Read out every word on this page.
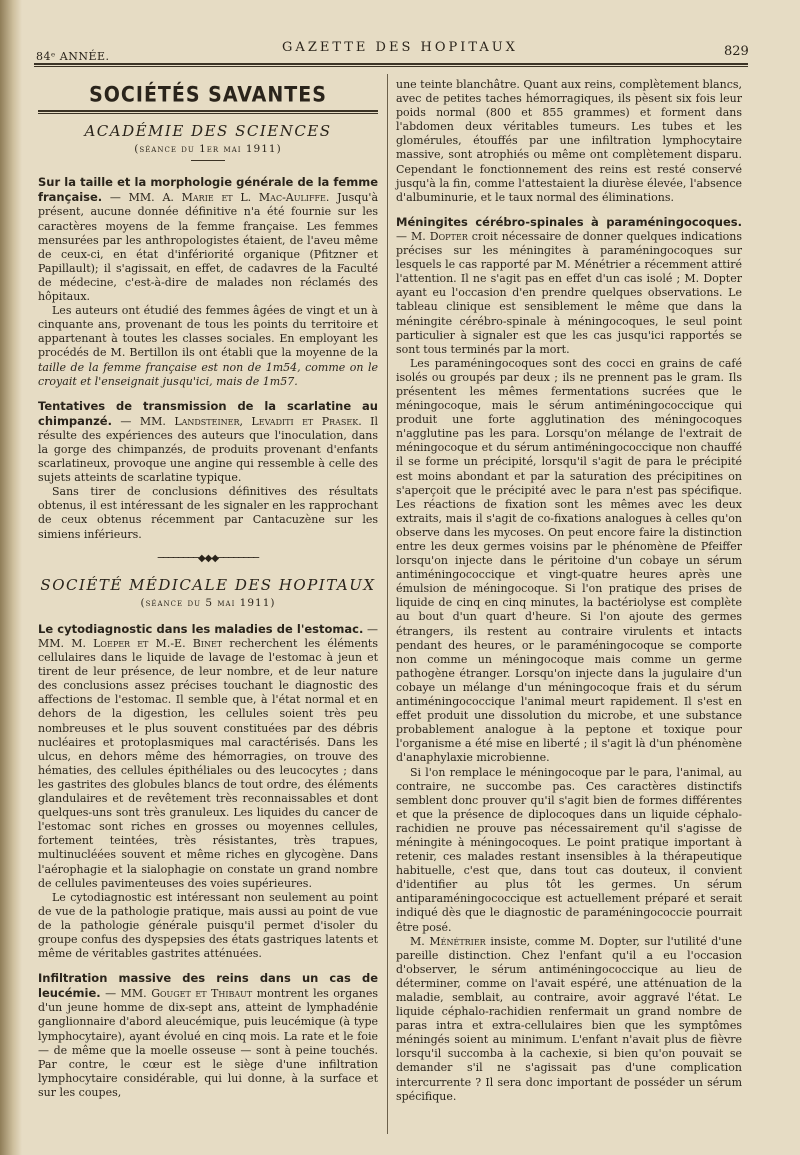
84ᵉ ANNÉE.
GAZETTE DES HOPITAUX	829
SOCIÉTÉS SAVANTES
ACADÉMIE DES SCIENCES
(séance du 1er mai 1911)

Sur la taille et la morphologie générale de la femme française. — MM. A. Marie et L. Mac-Auliffe. Jusqu'à présent, aucune donnée définitive n'a été fournie sur les caractères moyens de la femme française. Les femmes mensurées par les anthropologistes étaient, de l'aveu même de ceux-ci, en état d'infériorité organique (Pfitzner et Papillault); il s'agissait, en effet, de cadavres de la Faculté de médecine, c'est-à-dire de malades non réclamés des hôpitaux.

Les auteurs ont étudié des femmes âgées de vingt et un à cinquante ans, provenant de tous les points du territoire et appartenant à toutes les classes sociales. En employant les procédés de M. Bertillon ils ont établi que la moyenne de la taille de la femme française est non de 1m54, comme on le croyait et l'enseignait jusqu'ici, mais de 1m57.

Tentatives de transmission de la scarlatine au chimpanzé. — MM. Landsteiner, Levaditi et Prasek. Il résulte des expériences des auteurs que l'inoculation, dans la gorge des chimpanzés, de produits provenant d'enfants scarlatineux, provoque une angine qui ressemble à celle des sujets atteints de scarlatine typique.

Sans tirer de conclusions définitives des résultats obtenus, il est intéressant de les signaler en les rapprochant de ceux obtenus récemment par Cantacuzène sur les simiens inférieurs.

────────◆◆◆────────
SOCIÉTÉ MÉDICALE DES HOPITAUX
(séance du 5 mai 1911)

Le cytodiagnostic dans les maladies de l'estomac. — MM. M. Loeper et M.-E. Binet recherchent les éléments cellulaires dans le liquide de lavage de l'estomac à jeun et tirent de leur présence, de leur nombre, et de leur nature des conclusions assez précises touchant le diagnostic des affections de l'estomac. Il semble que, à l'état normal et en dehors de la digestion, les cellules soient très peu nombreuses et le plus souvent constituées par des débris nucléaires et protoplasmiques mal caractérisés. Dans les ulcus, en dehors même des hémorragies, on trouve des hématies, des cellules épithéliales ou des leucocytes ; dans les gastrites des globules blancs de tout ordre, des éléments glandulaires et de revêtement très reconnaissables et dont quelques-uns sont très granuleux. Les liquides du cancer de l'estomac sont riches en grosses ou moyennes cellules, fortement teintées, très résistantes, très trapues, multinucléées souvent et même riches en glycogène. Dans l'aérophagie et la sialophagie on constate un grand nombre de cellules pavimenteuses des voies supérieures.

Le cytodiagnostic est intéressant non seulement au point de vue de la pathologie pratique, mais aussi au point de vue de la pathologie générale puisqu'il permet d'isoler du groupe confus des dyspepsies des états gastriques latents et même de véritables gastrites atténuées.

Infiltration massive des reins dans un cas de leucémie. — MM. Gouget et Thibaut montrent les organes d'un jeune homme de dix-sept ans, atteint de lymphadénie ganglionnaire d'abord aleucémique, puis leucémique (à type lymphocytaire), ayant évolué en cinq mois. La rate et le foie — de même que la moelle osseuse — sont à peine touchés. Par contre, le cœur est le siège d'une infiltration lymphocytaire considérable, qui lui donne, à la surface et sur les coupes,

une teinte blanchâtre. Quant aux reins, complètement blancs, avec de petites taches hémorragiques, ils pèsent six fois leur poids normal (800 et 855 grammes) et forment dans l'abdomen deux véritables tumeurs. Les tubes et les glomérules, étouffés par une infiltration lymphocytaire massive, sont atrophiés ou même ont complètement disparu. Cependant le fonctionnement des reins est resté conservé jusqu'à la fin, comme l'attestaient la diurèse élevée, l'absence d'albuminurie, et le taux normal des éliminations.

Méningites cérébro-spinales à paraméningocoques. — M. Dopter croit nécessaire de donner quelques indications précises sur les méningites à paraméningocoques sur lesquels le cas rapporté par M. Ménétrier a récemment attiré l'attention. Il ne s'agit pas en effet d'un cas isolé ; M. Dopter ayant eu l'occasion d'en prendre quelques observations. Le tableau clinique est sensiblement le même que dans la méningite cérébro-spinale à méningocoques, le seul point particulier à signaler est que les cas jusqu'ici rapportés se sont tous terminés par la mort.

Les paraméningocoques sont des cocci en grains de café isolés ou groupés par deux ; ils ne prennent pas le gram. Ils présentent les mêmes fermentations sucrées que le méningocoque, mais le sérum antiméningococcique qui produit une forte agglutination des méningocoques n'agglutine pas les para. Lorsqu'on mélange de l'extrait de méningocoque et du sérum antiméningococcique non chauffé il se forme un précipité, lorsqu'il s'agit de para le précipité est moins abondant et par la saturation des précipitines on s'aperçoit que le précipité avec le para n'est pas spécifique. Les réactions de fixation sont les mêmes avec les deux extraits, mais il s'agit de co-fixations analogues à celles qu'on observe dans les mycoses. On peut encore faire la distinction entre les deux germes voisins par le phénomène de Pfeiffer lorsqu'on injecte dans le péritoine d'un cobaye un sérum antiméningococcique et vingt-quatre heures après une émulsion de méningocoque. Si l'on pratique des prises de liquide de cinq en cinq minutes, la bactériolyse est complète au bout d'un quart d'heure. Si l'on ajoute des germes étrangers, ils restent au contraire virulents et intacts pendant des heures, or le paraméningocoque se comporte non comme un méningocoque mais comme un germe pathogène étranger. Lorsqu'on injecte dans la jugulaire d'un cobaye un mélange d'un méningocoque frais et du sérum antiméningococcique l'animal meurt rapidement. Il s'est en effet produit une dissolution du microbe, et une substance probablement analogue à la peptone et toxique pour l'organisme a été mise en liberté ; il s'agit là d'un phénomène d'anaphylaxie microbienne.

Si l'on remplace le méningocoque par le para, l'animal, au contraire, ne succombe pas. Ces caractères distinctifs semblent donc prouver qu'il s'agit bien de formes différentes et que la présence de diplocoques dans un liquide céphalo-rachidien ne prouve pas nécessairement qu'il s'agisse de méningite à méningocoques. Le point pratique important à retenir, ces malades restant insensibles à la thérapeutique habituelle, c'est que, dans tout cas douteux, il convient d'identifier au plus tôt les germes. Un sérum antiparaméningococcique est actuellement préparé et serait indiqué dès que le diagnostic de paraméningococcie pourrait être posé.

M. Ménétrier insiste, comme M. Dopter, sur l'utilité d'une pareille distinction. Chez l'enfant qu'il a eu l'occasion d'observer, le sérum antiméningococcique au lieu de déterminer, comme on l'avait espéré, une atténuation de la maladie, semblait, au contraire, avoir aggravé l'état. Le liquide céphalo-rachidien renfermait un grand nombre de paras intra et extra-cellulaires bien que les symptômes méningés soient au minimum. L'enfant n'avait plus de fièvre lorsqu'il succomba à la cachexie, si bien qu'on pouvait se demander s'il ne s'agissait pas d'une complication intercurrente ? Il sera donc important de posséder un sérum spécifique.
